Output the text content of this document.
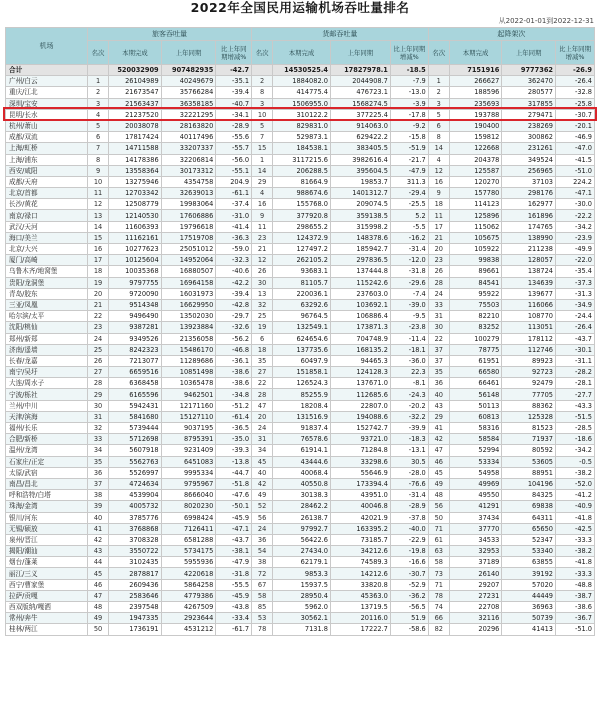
2022年全国民用运输机场吞吐量排名
从2022-01-01到2022-12-31
机场	旅客吞吐量				货邮吞吐量				起降架次			
	名次	本期完成	上年同期	比上年同期增减%	名次	本期完成	上年同期	比上年同期增减%	名次	本期完成	上年同期	比上年同期增减%
合计		520032909	907482935	-42.7		14530525.4	17827978.1	-18.5		7151916	9777362	-26.9
广州/白云	1	26104989	40249679	-35.1	2	1884082.0	2044908.7	-7.9	1	266627	362470	-26.4
重庆/江北	2	21673547	35766284	-39.4	8	414775.4	476723.1	-13.0	2	188596	280577	-32.8
深圳/宝安	3	21563437	36358185	-40.7	3	1506955.0	1568274.5	-3.9	3	235693	317855	-25.8
昆明/长水	4	21237520	32221295	-34.1	10	310122.2	377225.4	-17.8	5	193788	279471	-30.7
杭州/萧山	5	20038078	28163820	-28.9	5	829831.0	914063.0	-9.2	6	190400	238269	-20.1
成都/双流	6	17817424	40117496	-55.6	7	529873.1	629422.2	-15.8	8	159812	300862	-46.9
上海/虹桥	7	14711588	33207337	-55.7	15	184538.1	383405.5	-51.9	14	122668	231261	-47.0
上海/浦东	8	14178386	32206814	-56.0	1	3117215.6	3982616.4	-21.7	4	204378	349524	-41.5
西安/咸阳	9	13558364	30173312	-55.1	14	206288.5	395604.5	-47.9	12	125587	256965	-51.0
成都/天府	10	13275946	4354758	204.9	29	81664.9	19853.7	311.3	16	120270	37103	224.2
北京/首都	11	12703342	32639013	-61.1	4	988674.6	1401312.7	-29.4	9	157780	298176	-47.1
长沙/黄花	12	12508779	19983064	-37.4	16	155768.0	209074.5	-25.5	18	114123	162977	-30.0
南京/禄口	13	12140530	17606886	-31.0	9	377920.8	359138.5	5.2	11	125896	161896	-22.2
武汉/天河	14	11606393	19796618	-41.4	11	298655.2	315998.2	-5.5	17	115062	174765	-34.2
海口/美兰	15	11162161	17519708	-36.3	23	124372.9	148378.6	-16.2	21	105675	138990	-23.9
北京/大兴	16	10277623	25051012	-59.0	21	127497.2	185942.7	-31.4	20	105922	211238	-49.9
厦门/高崎	17	10125604	14952064	-32.3	12	262105.2	297836.5	-12.0	23	99838	128057	-22.0
乌鲁木齐/地窝堡	18	10035368	16880507	-40.6	26	93683.1	137444.8	-31.8	26	89661	138724	-35.4
贵阳/龙洞堡	19	9797755	16964158	-42.2	30	81105.7	115242.6	-29.6	28	84541	134639	-37.3
青岛/胶东	20	9720090	16031973	-39.4	13	220036.1	237603.0	-7.4	24	95922	139677	-31.3
三亚/凤凰	21	9514348	16629950	-42.8	32	63292.6	103692.1	-39.0	33	75503	116066	-34.9
哈尔滨/太平	22	9496490	13502030	-29.7	25	96764.5	106886.4	-9.5	31	82210	108770	-24.4
沈阳/桃仙	23	9387281	13923884	-32.6	19	132549.1	173871.3	-23.8	30	83252	113051	-26.4
郑州/新郑	24	9349526	21356058	-56.2	6	624654.6	704748.9	-11.4	22	100279	178112	-43.7
济南/遥墙	25	8242323	15486170	-46.8	18	137735.6	168135.2	-18.1	37	78775	112746	-30.1
长春/龙嘉	26	7213077	11289686	-36.1	35	60497.9	94465.3	-36.0	37	61951	89923	-31.1
南宁/吴圩	27	6659516	10851498	-38.6	27	151858.1	124128.3	22.3	35	66580	92723	-28.2
大连/周水子	28	6368458	10365478	-38.6	22	126524.3	137671.0	-8.1	36	66461	92479	-28.1
宁波/栎社	29	6165596	9462501	-34.8	28	85255.9	112685.6	-24.3	40	56148	77705	-27.7
兰州/中川	30	5942431	12171160	-51.2	47	18208.4	22807.0	-20.2	43	50113	88362	-43.3
天津/滨海	31	5841680	15127110	-61.4	20	131516.9	194088.6	-32.2	29	60813	125328	-51.5
福州/长乐	32	5739444	9037195	-36.5	24	91837.4	152742.7	-39.9	41	58316	81523	-28.5
合肥/新桥	33	5712698	8795391	-35.0	31	76578.6	93721.0	-18.3	42	58584	71937	-18.6
温州/龙湾	34	5607918	9231409	-39.3	34	61914.1	71284.8	-13.1	47	52994	80592	-34.2
石家庄/正定	35	5562763	6451083	-13.8	45	43444.6	33298.6	30.5	46	53334	53605	-0.5
太原/武宿	36	5526997	9995334	-44.7	40	40068.4	55646.9	-28.0	45	54958	88951	-38.2
南昌/昌北	37	4724634	9795967	-51.8	42	40550.8	173394.4	-76.6	49	49969	104196	-52.0
呼和浩特/白塔	38	4539904	8666040	-47.6	49	30138.3	43951.0	-31.4	48	49550	84325	-41.2
珠海/金湾	39	4005732	8020230	-50.1	52	28462.2	40046.8	-28.9	56	41291	69838	-40.9
银川/河东	40	3785776	6998424	-45.9	56	26138.7	42021.9	-37.8	50	37434	64311	-41.8
无锡/硕放	41	3768868	7126411	-47.1	24	97992.7	163395.2	-40.0	71	37770	65650	-42.5
泉州/晋江	42	3708328	6581288	-43.7	36	56422.6	73185.7	-22.9	61	34533	52347	-33.3
揭阳/潮汕	43	3550722	5734175	-38.1	54	27434.0	34212.6	-19.8	63	32953	53340	-38.2
烟台/蓬莱	44	3102435	5955936	-47.9	38	62179.1	74589.3	-16.6	58	37189	63855	-41.8
丽江/三义	45	2878817	4220618	-31.8	72	9853.3	14212.6	-30.7	73	26140	39192	-33.3
西宁/曹家堡	46	2609436	5864258	-55.5	67	15937.5	33820.8	-52.9	71	29207	57020	-48.8
拉萨/贡嘎	47	2583646	4779386	-45.9	58	28950.4	45363.0	-36.2	78	27231	44449	-38.7
西双版纳/嘎洒	48	2397548	4267509	-43.8	85	5962.0	13719.5	-56.5	74	22708	36963	-38.6
常州/奔牛	49	1947335	2923644	-33.4	53	30562.1	20116.0	51.9	66	32116	50739	-36.7
桂林/两江	50	1736191	4531212	-61.7	78	7131.8	17222.7	-58.6	82	20296	41413	-51.0
